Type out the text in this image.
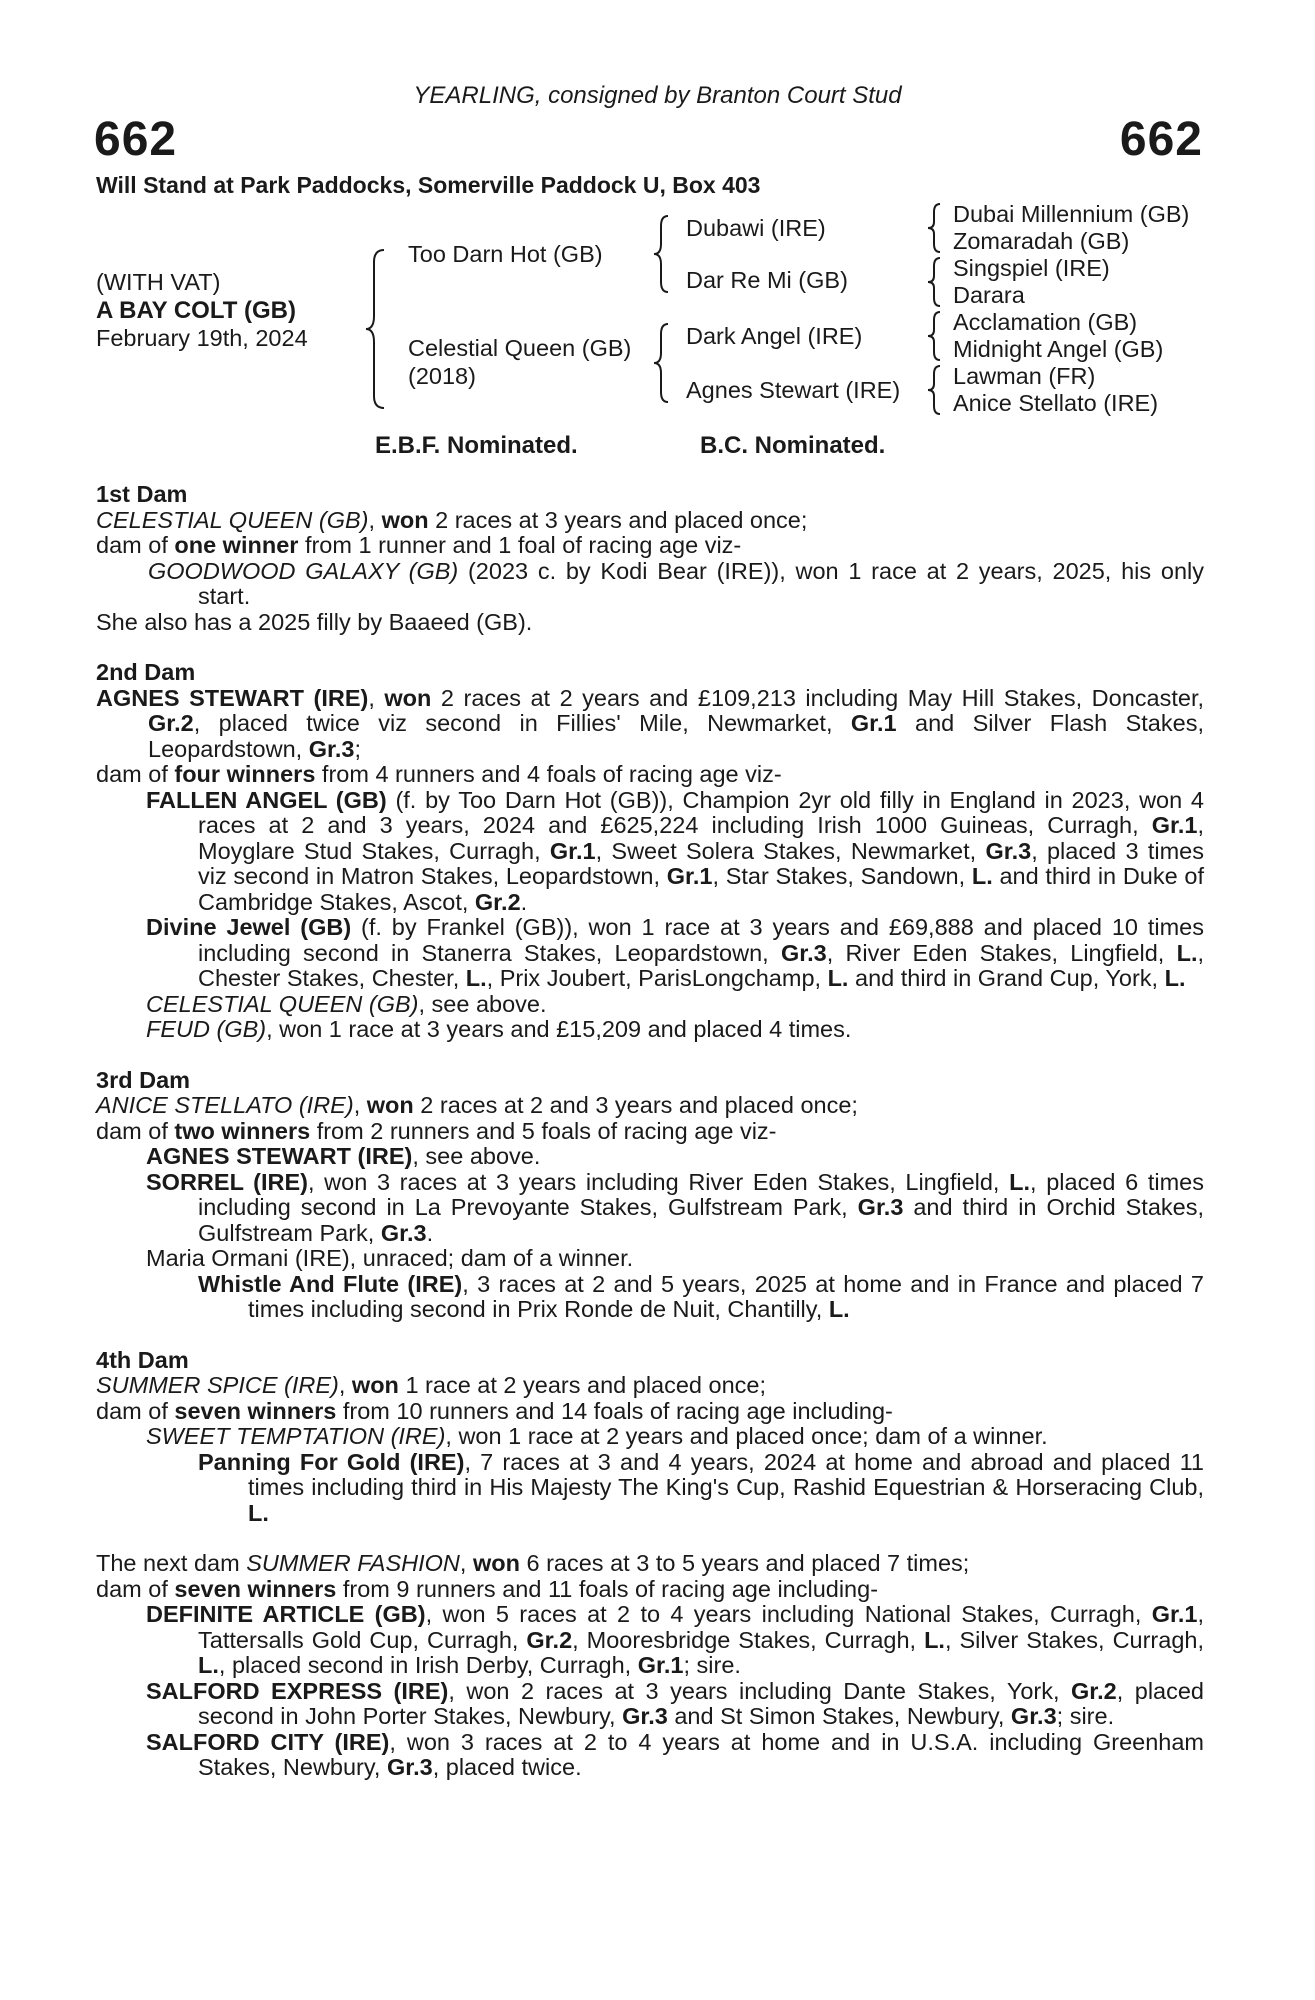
YEARLING, consigned by Branton Court Stud
662	662
Will Stand at Park Paddocks, Somerville Paddock U, Box 403
(WITH VAT)
A BAY COLT (GB)
February 19th, 2024
Too Darn Hot (GB)
Celestial Queen (GB)
(2018)
Dubawi (IRE)
Dar Re Mi (GB)
Dark Angel (IRE)
Agnes Stewart (IRE)
Dubai Millennium (GB)
Zomaradah (GB)
Singspiel (IRE)
Darara
Acclamation (GB)
Midnight Angel (GB)
Lawman (FR)
Anice Stellato (IRE)
E.B.F. Nominated.	B.C. Nominated.
1st Dam
CELESTIAL QUEEN (GB), won 2 races at 3 years and placed once;
dam of one winner from 1 runner and 1 foal of racing age viz-
GOODWOOD GALAXY (GB) (2023 c. by Kodi Bear (IRE)), won 1 race at 2 years, 2025, his only start.
She also has a 2025 filly by Baaeed (GB).
2nd Dam
AGNES STEWART (IRE), won 2 races at 2 years and £109,213 including May Hill Stakes, Doncaster, Gr.2, placed twice viz second in Fillies' Mile, Newmarket, Gr.1 and Silver Flash Stakes, Leopardstown, Gr.3;
dam of four winners from 4 runners and 4 foals of racing age viz-
FALLEN ANGEL (GB) (f. by Too Darn Hot (GB)), Champion 2yr old filly in England in 2023, won 4 races at 2 and 3 years, 2024 and £625,224 including Irish 1000 Guineas, Curragh, Gr.1, Moyglare Stud Stakes, Curragh, Gr.1, Sweet Solera Stakes, Newmarket, Gr.3, placed 3 times viz second in Matron Stakes, Leopardstown, Gr.1, Star Stakes, Sandown, L. and third in Duke of Cambridge Stakes, Ascot, Gr.2.
Divine Jewel (GB) (f. by Frankel (GB)), won 1 race at 3 years and £69,888 and placed 10 times including second in Stanerra Stakes, Leopardstown, Gr.3, River Eden Stakes, Lingfield, L., Chester Stakes, Chester, L., Prix Joubert, ParisLongchamp, L. and third in Grand Cup, York, L.
CELESTIAL QUEEN (GB), see above.
FEUD (GB), won 1 race at 3 years and £15,209 and placed 4 times.
3rd Dam
ANICE STELLATO (IRE), won 2 races at 2 and 3 years and placed once;
dam of two winners from 2 runners and 5 foals of racing age viz-
AGNES STEWART (IRE), see above.
SORREL (IRE), won 3 races at 3 years including River Eden Stakes, Lingfield, L., placed 6 times including second in La Prevoyante Stakes, Gulfstream Park, Gr.3 and third in Orchid Stakes, Gulfstream Park, Gr.3.
Maria Ormani (IRE), unraced; dam of a winner.
Whistle And Flute (IRE), 3 races at 2 and 5 years, 2025 at home and in France and placed 7 times including second in Prix Ronde de Nuit, Chantilly, L.
4th Dam
SUMMER SPICE (IRE), won 1 race at 2 years and placed once;
dam of seven winners from 10 runners and 14 foals of racing age including-
SWEET TEMPTATION (IRE), won 1 race at 2 years and placed once; dam of a winner.
Panning For Gold (IRE), 7 races at 3 and 4 years, 2024 at home and abroad and placed 11 times including third in His Majesty The King's Cup, Rashid Equestrian & Horseracing Club, L.
The next dam SUMMER FASHION, won 6 races at 3 to 5 years and placed 7 times;
dam of seven winners from 9 runners and 11 foals of racing age including-
DEFINITE ARTICLE (GB), won 5 races at 2 to 4 years including National Stakes, Curragh, Gr.1, Tattersalls Gold Cup, Curragh, Gr.2, Mooresbridge Stakes, Curragh, L., Silver Stakes, Curragh, L., placed second in Irish Derby, Curragh, Gr.1; sire.
SALFORD EXPRESS (IRE), won 2 races at 3 years including Dante Stakes, York, Gr.2, placed second in John Porter Stakes, Newbury, Gr.3 and St Simon Stakes, Newbury, Gr.3; sire.
SALFORD CITY (IRE), won 3 races at 2 to 4 years at home and in U.S.A. including Greenham Stakes, Newbury, Gr.3, placed twice.
